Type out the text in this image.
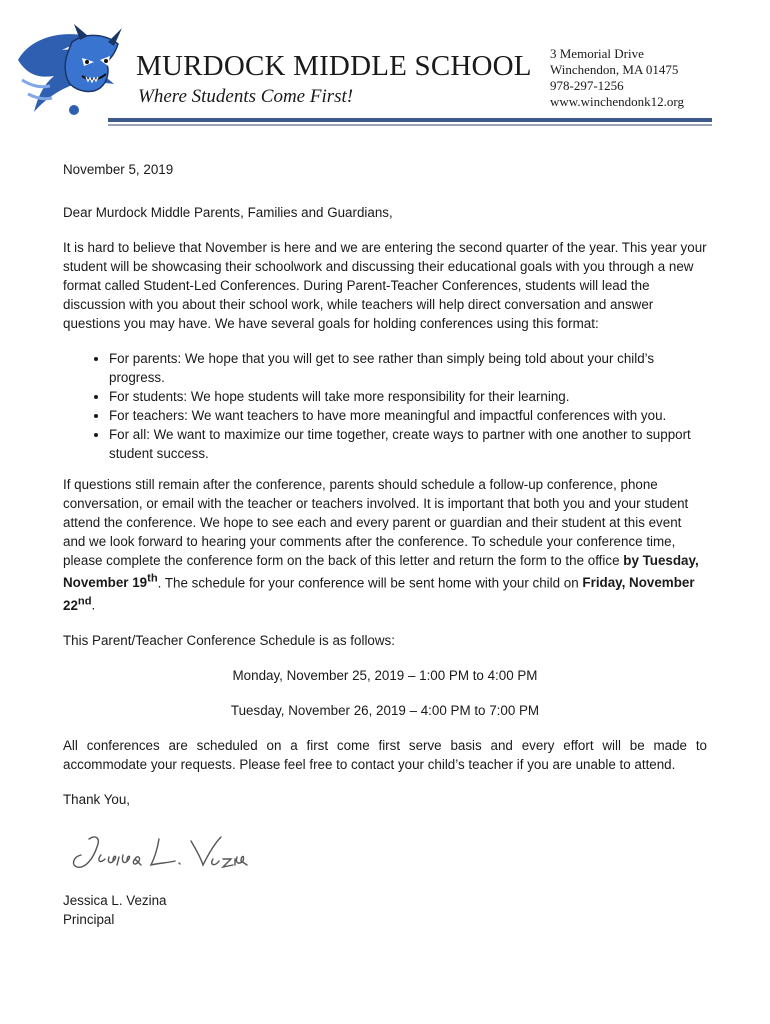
MURDOCK MIDDLE SCHOOL
Where Students Come First!
3 Memorial Drive
Winchendon, MA 01475
978-297-1256
www.winchendonk12.org

November 5, 2019

Dear Murdock Middle Parents, Families and Guardians,

It is hard to believe that November is here and we are entering the second quarter of the year. This year your student will be showcasing their schoolwork and discussing their educational goals with you through a new format called Student-Led Conferences. During Parent-Teacher Conferences, students will lead the discussion with you about their school work, while teachers will help direct conversation and answer questions you may have. We have several goals for holding conferences using this format:

• For parents: We hope that you will get to see rather than simply being told about your child’s progress.
• For students: We hope students will take more responsibility for their learning.
• For teachers: We want teachers to have more meaningful and impactful conferences with you.
• For all: We want to maximize our time together, create ways to partner with one another to support student success.

If questions still remain after the conference, parents should schedule a follow-up conference, phone conversation, or email with the teacher or teachers involved. It is important that both you and your student attend the conference. We hope to see each and every parent or guardian and their student at this event and we look forward to hearing your comments after the conference. To schedule your conference time, please complete the conference form on the back of this letter and return the form to the office by Tuesday, November 19th. The schedule for your conference will be sent home with your child on Friday, November 22nd.

This Parent/Teacher Conference Schedule is as follows:

Monday, November 25, 2019 – 1:00 PM to 4:00 PM

Tuesday, November 26, 2019 – 4:00 PM to 7:00 PM

All conferences are scheduled on a first come first serve basis and every effort will be made to accommodate your requests. Please feel free to contact your child’s teacher if you are unable to attend.

Thank You,

Jessica L. Vezina

Principal
